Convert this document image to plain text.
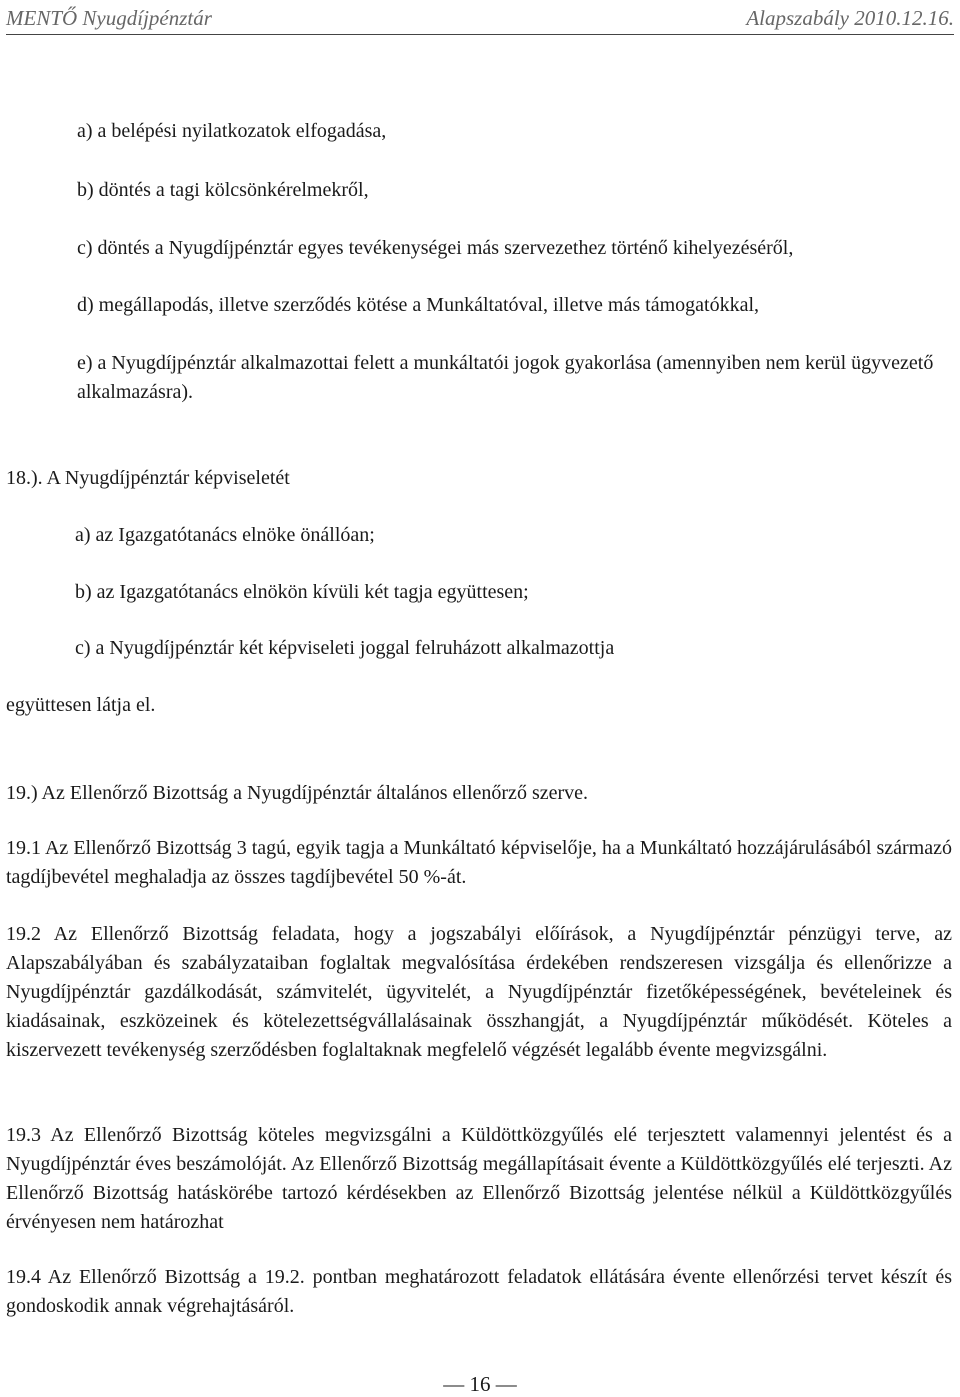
MENTŐ Nyugdíjpénztár	Alapszabály 2010.12.16.

a) a belépési nyilatkozatok elfogadása,

b) döntés a tagi kölcsönkérelmekről,

c) döntés a Nyugdíjpénztár egyes tevékenységei más szervezethez történő kihelyezéséről,

d) megállapodás, illetve szerződés kötése a Munkáltatóval, illetve más támogatókkal,

e) a Nyugdíjpénztár alkalmazottai felett a munkáltatói jogok gyakorlása (amennyiben nem kerül ügyvezető alkalmazásra).

18.). A Nyugdíjpénztár képviseletét

a) az Igazgatótanács elnöke önállóan;

b) az Igazgatótanács elnökön kívüli két tagja együttesen;

c) a Nyugdíjpénztár két képviseleti joggal felruházott alkalmazottja

együttesen látja el.

19.) Az Ellenőrző Bizottság a Nyugdíjpénztár általános ellenőrző szerve.

19.1 Az Ellenőrző Bizottság 3 tagú, egyik tagja a Munkáltató képviselője, ha a Munkáltató hozzájárulásából származó tagdíjbevétel meghaladja az összes tagdíjbevétel 50 %-át.

19.2 Az Ellenőrző Bizottság feladata, hogy a jogszabályi előírások, a Nyugdíjpénztár pénzügyi terve, az Alapszabályában és szabályzataiban foglaltak megvalósítása érdekében rendszeresen vizsgálja és ellenőrizze a Nyugdíjpénztár gazdálkodását, számvitelét, ügyvitelét, a Nyugdíjpénztár fizetőképességének, bevételeinek és kiadásainak, eszközeinek és kötelezettségvállalásainak összhangját, a Nyugdíjpénztár működését. Köteles a kiszervezett tevékenység szerződésben foglaltaknak megfelelő végzését legalább évente megvizsgálni.

19.3 Az Ellenőrző Bizottság köteles megvizsgálni a Küldöttközgyűlés elé terjesztett valamennyi jelentést és a Nyugdíjpénztár éves beszámolóját. Az Ellenőrző Bizottság megállapításait évente a Küldöttközgyűlés elé terjeszti. Az Ellenőrző Bizottság hatáskörébe tartozó kérdésekben az Ellenőrző Bizottság jelentése nélkül a Küldöttközgyűlés érvényesen nem határozhat

19.4 Az Ellenőrző Bizottság a 19.2. pontban meghatározott feladatok ellátására évente ellenőrzési tervet készít és gondoskodik annak végrehajtásáról.

— 16 —
